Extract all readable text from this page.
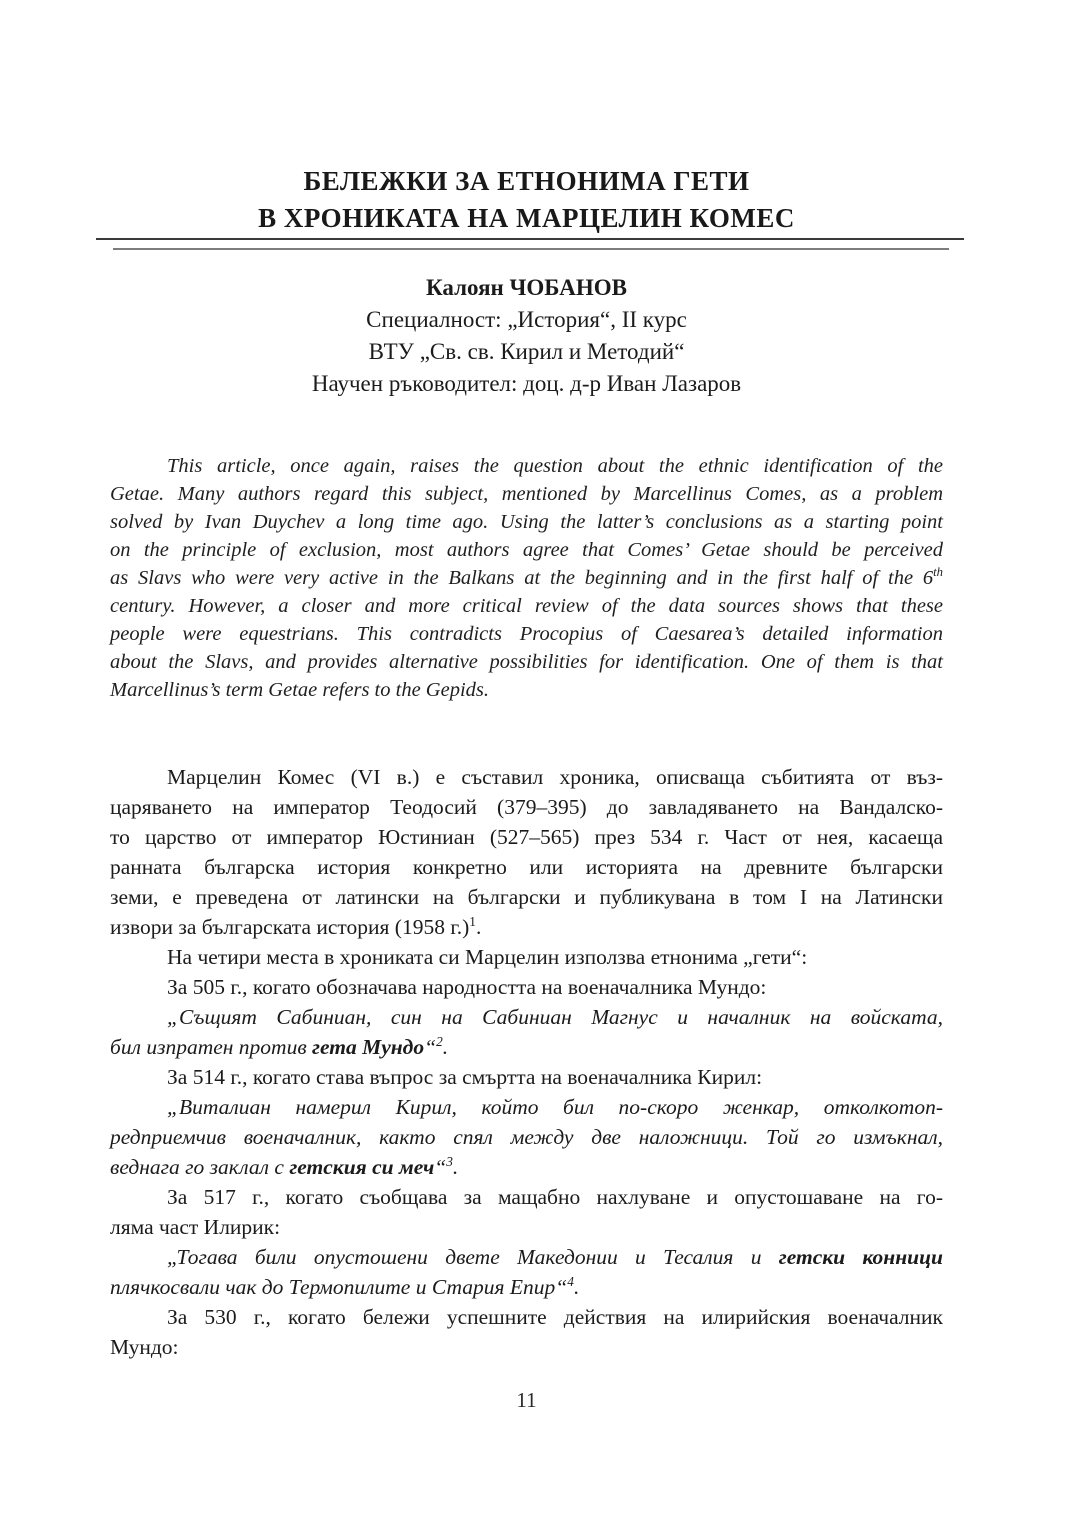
БЕЛЕЖКИ ЗА ЕТНОНИМА ГЕТИ
В ХРОНИКАТА НА МАРЦЕЛИН КОМЕС
Калоян ЧОБАНОВ
Специалност: „История“, II курс
ВТУ „Св. св. Кирил и Методий“
Научен ръководител: доц. д-р Иван Лазаров
This article, once again, raises the question about the ethnic identification of the
Getae. Many authors regard this subject, mentioned by Marcellinus Comes, as a problem
solved by Ivan Duychev a long time ago. Using the latter’s conclusions as a starting point
on the principle of exclusion, most authors agree that Comes’ Getae should be perceived
as Slavs who were very active in the Balkans at the beginning and in the first half of the 6th
century. However, a closer and more critical review of the data sources shows that these
people were equestrians. This contradicts Procopius of Caesarea’s detailed information
about the Slavs, and provides alternative possibilities for identification. One of them is that
Marcellinus’s term Getae refers to the Gepids.
Марцелин Комес (VI в.) е съставил хроника, описваща събитията от въз-
царяването на император Теодосий (379–395) до завладяването на Вандалско-
то царство от император Юстиниан (527–565) през 534 г. Част от нея, касаеща
ранната българска история конкретно или историята на древните български
земи, е преведена от латински на български и публикувана в том I на Латински
извори за българската история (1958 г.)$^1$.
На четири места в хрониката си Марцелин използва етнонима „гети“:
За 505 г., когато обозначава народността на военачалника Мундо:
„Същият Сабиниан, син на Сабиниан Магнус и началник на войската,
бил изпратен против гета Мундо“$^2$.
За 514 г., когато става въпрос за смъртта на военачалника Кирил:
„Виталиан намерил Кирил, който бил по-скоро женкар, отколкотоп-
редприемчив военачалник, както спял между две наложници. Той го измъкнал,
веднага го заклал с гетския си меч“$^3$.
За 517 г., когато съобщава за мащабно нахлуване и опустошаване на го-
ляма част Илирик:
„Тогава били опустошени двете Македонии и Тесалия и гетски конници
плячкосвали чак до Термопилите и Стария Епир“$^4$.
За 530 г., когато бележи успешните действия на илирийския военачалник
Мундо:
11
